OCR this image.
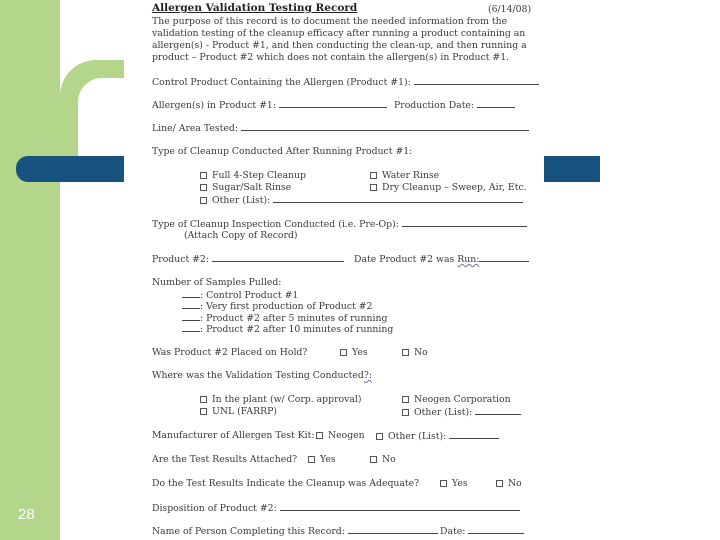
28
Allergen Validation Testing Record	(6/14/08)
The purpose of this record is to document the needed information from the
validation testing of the cleanup efficacy after running a product containing an
allergen(s) - Product #1, and then conducting the clean-up, and then running a
product – Product #2 which does not contain the allergen(s) in Product #1.
Control Product Containing the Allergen (Product #1):
Allergen(s) in Product #1:	Production Date:
Line/ Area Tested:
Type of Cleanup Conducted After Running Product #1:
Full 4-Step Cleanup	Water Rinse
Sugar/Salt Rinse	Dry Cleanup – Sweep, Air, Etc.
Other (List):
Type of Cleanup Inspection Conducted (i.e. Pre-Op):
(Attach Copy of Record)
Product #2:	Date Product #2 was Run:
Number of Samples Pulled:
: Control Product #1
: Very first production of Product #2
: Product #2 after 5 minutes of running
: Product #2 after 10 minutes of running
Was Product #2 Placed on Hold?	Yes	No
Where was the Validation Testing Conducted?:
In the plant (w/ Corp. approval)	Neogen Corporation
UNL (FARRP)	Other (List):
Manufacturer of Allergen Test Kit:	Neogen	Other (List):
Are the Test Results Attached?	Yes	No
Do the Test Results Indicate the Cleanup was Adequate?	Yes	No
Disposition of Product #2:
Name of Person Completing this Record:	Date:
